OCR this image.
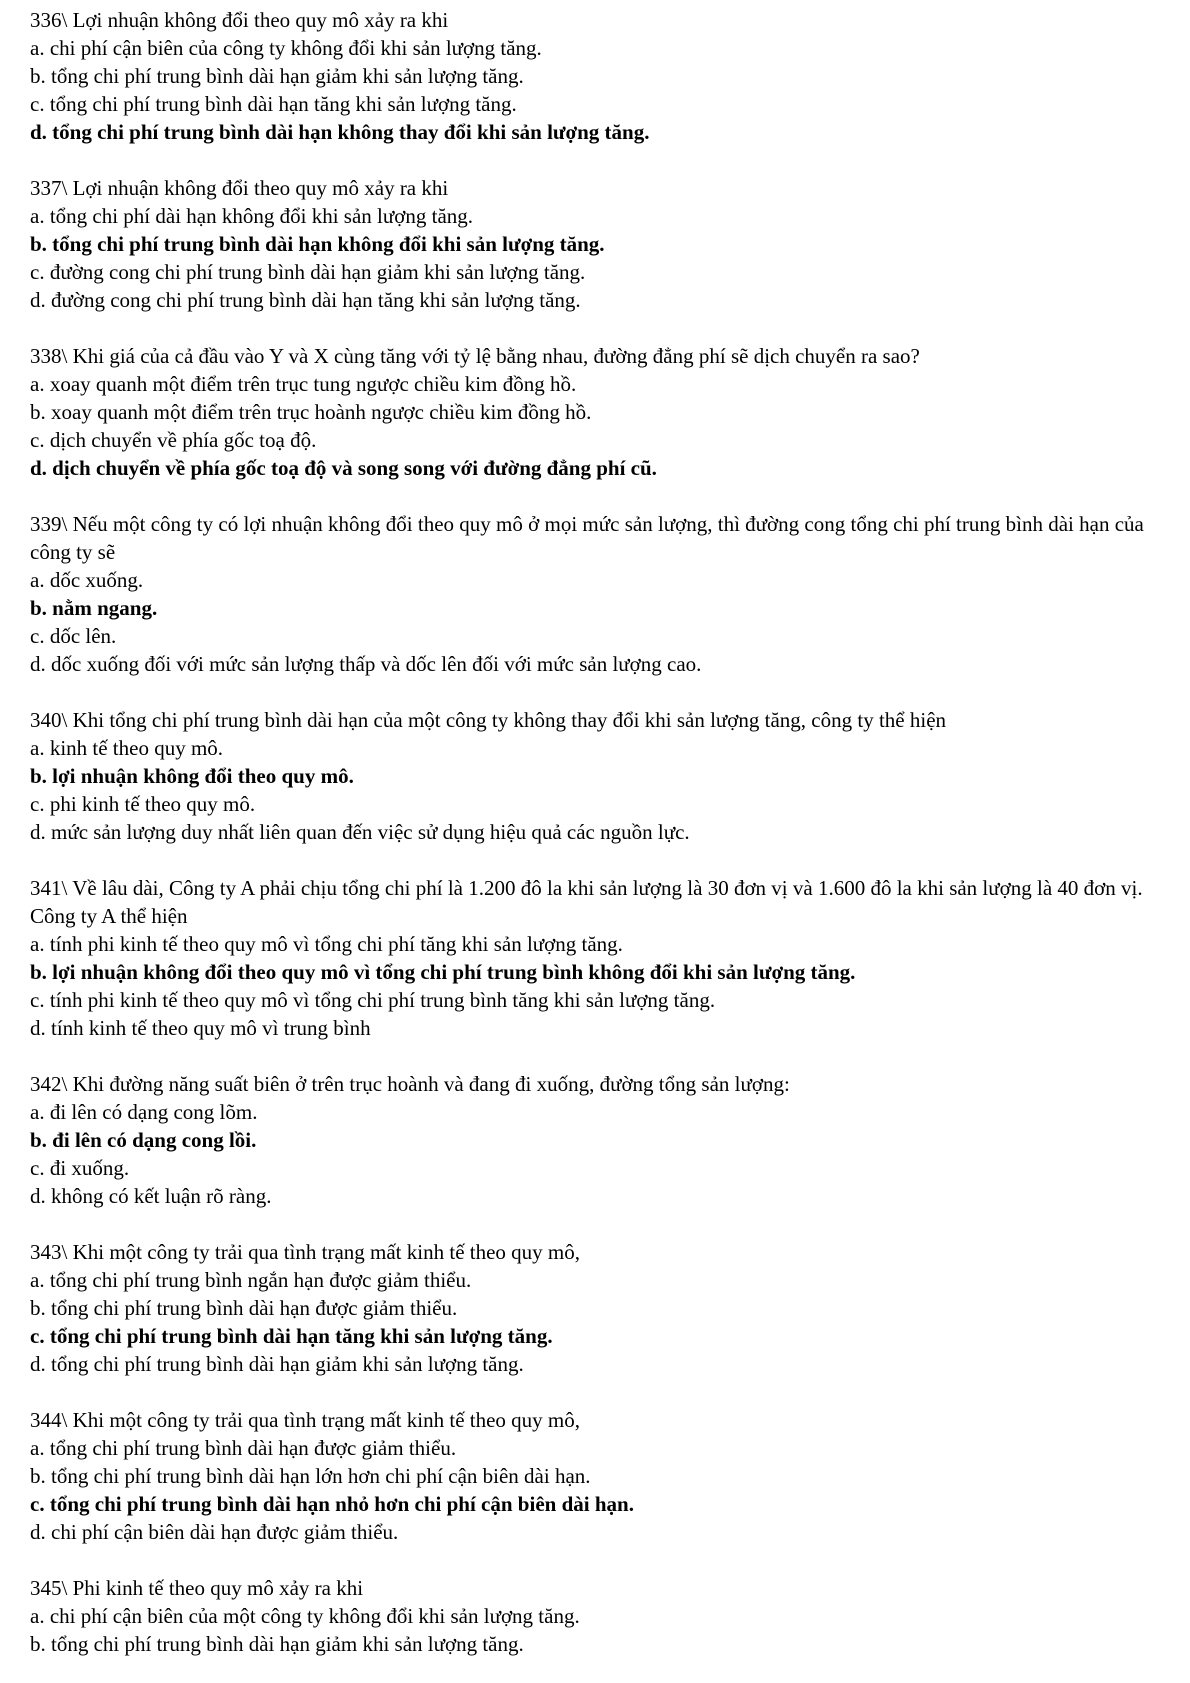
336\ Lợi nhuận không đổi theo quy mô xảy ra khi
a. chi phí cận biên của công ty không đổi khi sản lượng tăng.
b. tổng chi phí trung bình dài hạn giảm khi sản lượng tăng.
c. tổng chi phí trung bình dài hạn tăng khi sản lượng tăng.
d. tổng chi phí trung bình dài hạn không thay đổi khi sản lượng tăng.
337\ Lợi nhuận không đổi theo quy mô xảy ra khi
a. tổng chi phí dài hạn không đổi khi sản lượng tăng.
b. tổng chi phí trung bình dài hạn không đổi khi sản lượng tăng.
c. đường cong chi phí trung bình dài hạn giảm khi sản lượng tăng.
d. đường cong chi phí trung bình dài hạn tăng khi sản lượng tăng.
338\ Khi giá của cả đầu vào Y và X cùng tăng với tỷ lệ bằng nhau, đường đẳng phí sẽ dịch chuyển ra sao?
a. xoay quanh một điểm trên trục tung ngược chiều kim đồng hồ.
b. xoay quanh một điểm trên trục hoành ngược chiều kim đồng hồ.
c. dịch chuyển về phía gốc toạ độ.
d. dịch chuyển về phía gốc toạ độ và song song với đường đẳng phí cũ.
339\ Nếu một công ty có lợi nhuận không đổi theo quy mô ở mọi mức sản lượng, thì đường cong tổng chi phí trung bình dài hạn của công ty sẽ
a. dốc xuống.
b. nằm ngang.
c. dốc lên.
d. dốc xuống đối với mức sản lượng thấp và dốc lên đối với mức sản lượng cao.
340\ Khi tổng chi phí trung bình dài hạn của một công ty không thay đổi khi sản lượng tăng, công ty thể hiện
a. kinh tế theo quy mô.
b. lợi nhuận không đổi theo quy mô.
c. phi kinh tế theo quy mô.
d. mức sản lượng duy nhất liên quan đến việc sử dụng hiệu quả các nguồn lực.
341\ Về lâu dài, Công ty A phải chịu tổng chi phí là 1.200 đô la khi sản lượng là 30 đơn vị và 1.600 đô la khi sản lượng là 40 đơn vị. Công ty A thể hiện
a. tính phi kinh tế theo quy mô vì tổng chi phí tăng khi sản lượng tăng.
b. lợi nhuận không đổi theo quy mô vì tổng chi phí trung bình không đổi khi sản lượng tăng.
c. tính phi kinh tế theo quy mô vì tổng chi phí trung bình tăng khi sản lượng tăng.
d. tính kinh tế theo quy mô vì trung bình
342\ Khi đường năng suất biên ở trên trục hoành và đang đi xuống, đường tổng sản lượng:
a. đi lên có dạng cong lõm.
b. đi lên có dạng cong lồi.
c. đi xuống.
d. không có kết luận rõ ràng.
343\ Khi một công ty trải qua tình trạng mất kinh tế theo quy mô,
a. tổng chi phí trung bình ngắn hạn được giảm thiểu.
b. tổng chi phí trung bình dài hạn được giảm thiểu.
c. tổng chi phí trung bình dài hạn tăng khi sản lượng tăng.
d. tổng chi phí trung bình dài hạn giảm khi sản lượng tăng.
344\ Khi một công ty trải qua tình trạng mất kinh tế theo quy mô,
a. tổng chi phí trung bình dài hạn được giảm thiểu.
b. tổng chi phí trung bình dài hạn lớn hơn chi phí cận biên dài hạn.
c. tổng chi phí trung bình dài hạn nhỏ hơn chi phí cận biên dài hạn.
d. chi phí cận biên dài hạn được giảm thiểu.
345\ Phi kinh tế theo quy mô xảy ra khi
a. chi phí cận biên của một công ty không đổi khi sản lượng tăng.
b. tổng chi phí trung bình dài hạn giảm khi sản lượng tăng.
